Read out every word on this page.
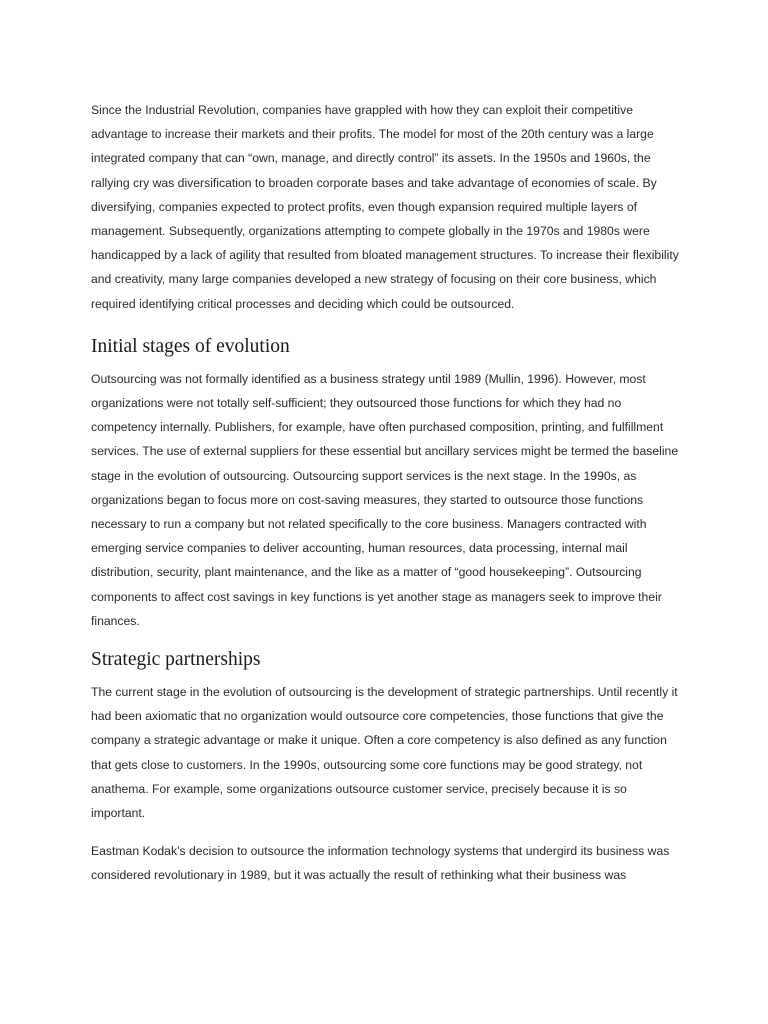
Since the Industrial Revolution, companies have grappled with how they can exploit their competitive advantage to increase their markets and their profits. The model for most of the 20th century was a large integrated company that can “own, manage, and directly control” its assets. In the 1950s and 1960s, the rallying cry was diversification to broaden corporate bases and take advantage of economies of scale. By diversifying, companies expected to protect profits, even though expansion required multiple layers of management. Subsequently, organizations attempting to compete globally in the 1970s and 1980s were handicapped by a lack of agility that resulted from bloated management structures. To increase their flexibility and creativity, many large companies developed a new strategy of focusing on their core business, which required identifying critical processes and deciding which could be outsourced.

Initial stages of evolution

Outsourcing was not formally identified as a business strategy until 1989 (Mullin, 1996). However, most organizations were not totally self-sufficient; they outsourced those functions for which they had no competency internally. Publishers, for example, have often purchased composition, printing, and fulfillment services. The use of external suppliers for these essential but ancillary services might be termed the baseline stage in the evolution of outsourcing. Outsourcing support services is the next stage. In the 1990s, as organizations began to focus more on cost-saving measures, they started to outsource those functions necessary to run a company but not related specifically to the core business. Managers contracted with emerging service companies to deliver accounting, human resources, data processing, internal mail distribution, security, plant maintenance, and the like as a matter of “good housekeeping”. Outsourcing components to affect cost savings in key functions is yet another stage as managers seek to improve their finances.

Strategic partnerships

The current stage in the evolution of outsourcing is the development of strategic partnerships. Until recently it had been axiomatic that no organization would outsource core competencies, those functions that give the company a strategic advantage or make it unique. Often a core competency is also defined as any function that gets close to customers. In the 1990s, outsourcing some core functions may be good strategy, not anathema. For example, some organizations outsource customer service, precisely because it is so important.

Eastman Kodak’s decision to outsource the information technology systems that undergird its business was considered revolutionary in 1989, but it was actually the result of rethinking what their business was
